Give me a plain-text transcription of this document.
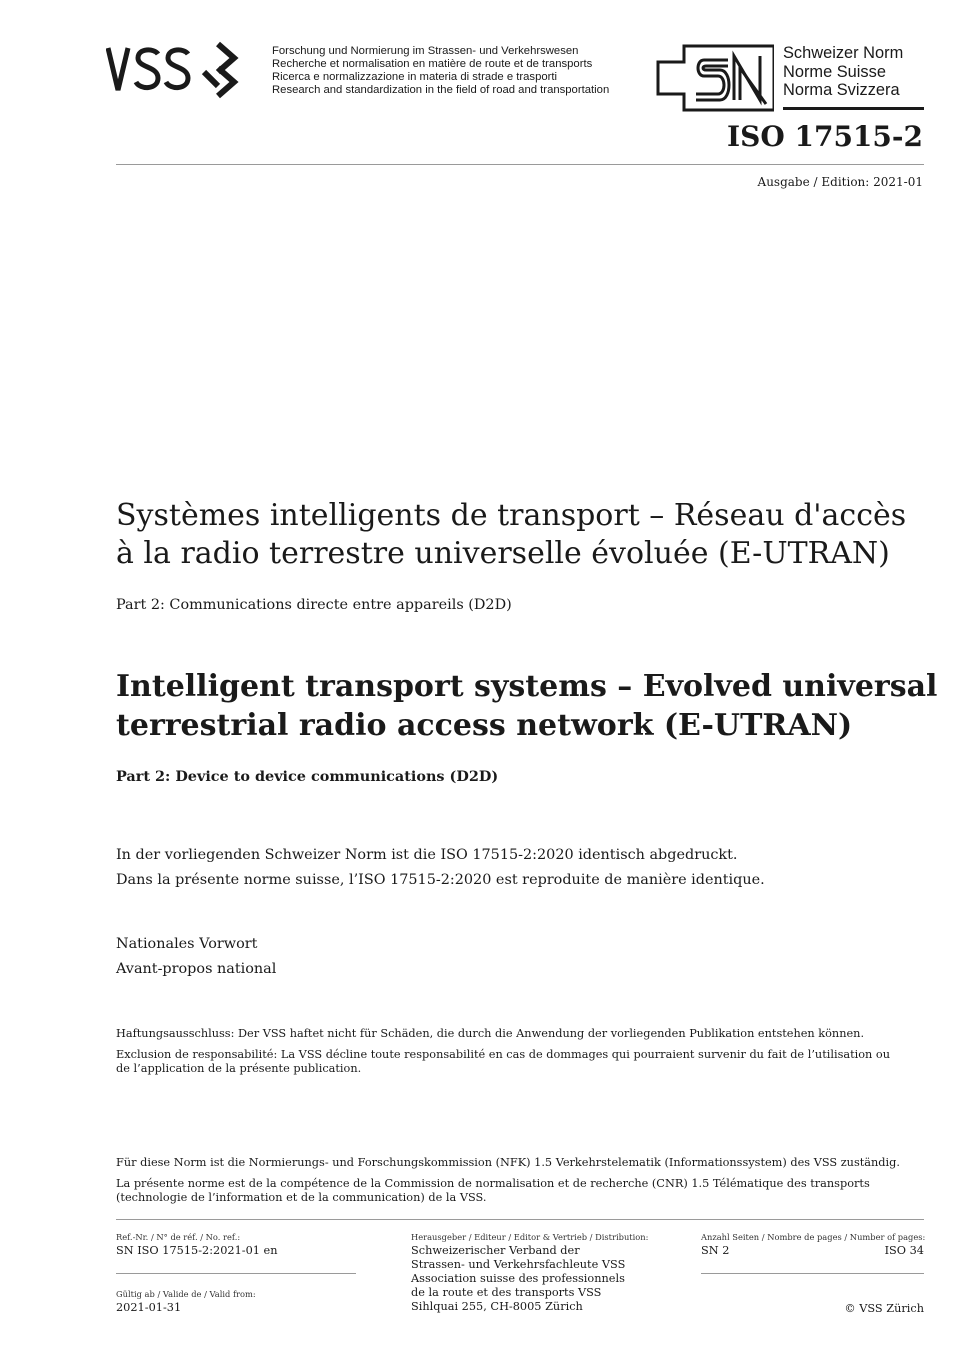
Forschung und Normierung im Strassen- und Verkehrswesen
Recherche et normalisation en matière de route et de transports
Ricerca e normalizzazione in materia di strade e trasporti
Research and standardization in the field of road and transportation
Schweizer Norm
Norme Suisse
Norma Svizzera
ISO 17515-2
Ausgabe / Edition: 2021-01
Systèmes intelligents de transport – Réseau d'accès
à la radio terrestre universelle évoluée (E-UTRAN)
Part 2: Communications directe entre appareils (D2D)
Intelligent transport systems – Evolved universal
terrestrial radio access network (E-UTRAN)
Part 2: Device to device communications (D2D)
In der vorliegenden Schweizer Norm ist die ISO 17515-2:2020 identisch abgedruckt.
Dans la présente norme suisse, l’ISO 17515-2:2020 est reproduite de manière identique.
Nationales Vorwort
Avant-propos national

Haftungsausschluss: Der VSS haftet nicht für Schäden, die durch die Anwendung der vorliegenden Publikation entstehen können.

Exclusion de responsabilité: La VSS décline toute responsabilité en cas de dommages qui pourraient survenir du fait de l’utilisation ou de l’application de la présente publication.

Für diese Norm ist die Normierungs- und Forschungskommission (NFK) 1.5 Verkehrstelematik (Informationssystem) des VSS zuständig.

La présente norme est de la compétence de la Commission de normalisation et de recherche (CNR) 1.5 Télématique des transports (technologie de l’information et de la communication) de la VSS.

Ref.-Nr. / N° de réf. / No. ref.:
SN ISO 17515-2:2021-01 en
Gültig ab / Valide de / Valid from:
2021-01-31
Herausgeber / Editeur / Editor & Vertrieb / Distribution:
Schweizerischer Verband der
Strassen- und Verkehrsfachleute VSS
Association suisse des professionnels
de la route et des transports VSS
Sihlquai 255, CH-8005 Zürich
Anzahl Seiten / Nombre de pages / Number of pages:
SN 2	ISO 34
© VSS Zürich
